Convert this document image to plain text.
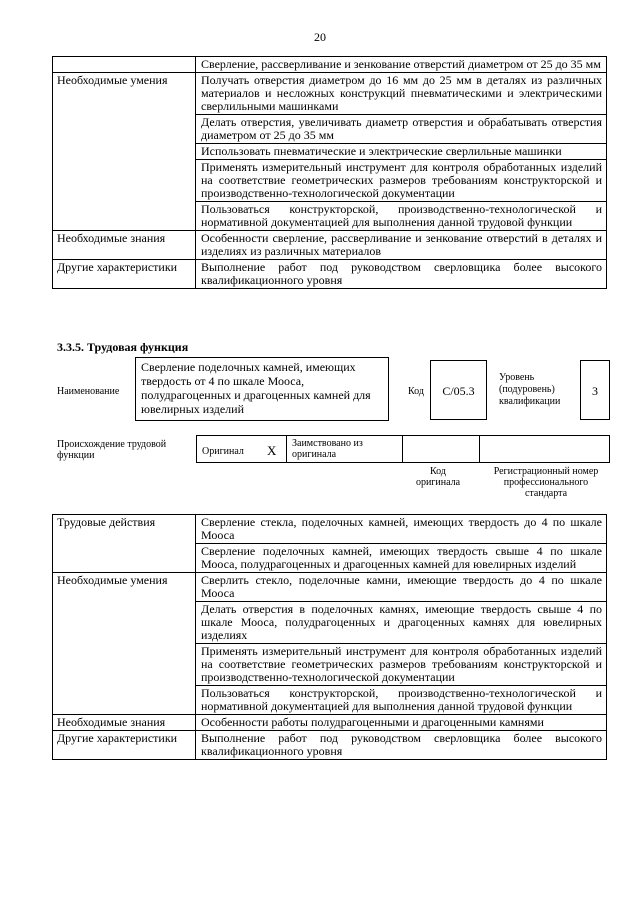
20
	Сверление, рассверливание и зенкование отверстий диаметром от 25 до 35 мм
Необходимые умения	Получать отверстия диаметром до 16 мм до 25 мм в деталях из различных материалов и несложных конструкций пневматическими и электрическими сверлильными машинками
	Делать отверстия, увеличивать диаметр отверстия и обрабатывать отверстия диаметром от 25 до 35 мм
	Использовать пневматические и электрические сверлильные машинки
	Применять измерительный инструмент для контроля обработанных изделий на соответствие геометрических размеров требованиям конструкторской и производственно-технологической документации
	Пользоваться конструкторской, производственно-технологической и нормативной документацией для выполнения данной трудовой функции
Необходимые знания	Особенности сверление, рассверливание и зенкование отверстий в деталях и изделиях из различных материалов
Другие характеристики	Выполнение работ под руководством сверловщика более высокого квалификационного уровня
3.3.5. Трудовая функция
Наименование
Сверление поделочных камней, имеющих твердость от 4 по шкале Мооса, полудрагоценных и драгоценных камней для ювелирных изделий
Код	C/05.3
Уровень (подуровень) квалификации
3
Происхождение трудовой функции	Оригинал X Заимствовано из оригинала
Код оригинала
Регистрационный номер профессионального стандарта
Трудовые действия	Сверление стекла, поделочных камней, имеющих твердость до 4 по шкале Мооса
	Сверление поделочных камней, имеющих твердость свыше 4 по шкале Мооса, полудрагоценных и драгоценных камней для ювелирных изделий
Необходимые умения	Сверлить стекло, поделочные камни, имеющие твердость до 4 по шкале Мооса
	Делать отверстия в поделочных камнях, имеющие твердость свыше 4 по шкале Мооса, полудрагоценных и драгоценных камнях для ювелирных изделиях
	Применять измерительный инструмент для контроля обработанных изделий на соответствие геометрических размеров требованиям конструкторской и производственно-технологической документации
	Пользоваться конструкторской, производственно-технологической и нормативной документацией для выполнения данной трудовой функции
Необходимые знания	Особенности работы полудрагоценными и драгоценными камнями
Другие характеристики	Выполнение работ под руководством сверловщика более высокого квалификационного уровня
